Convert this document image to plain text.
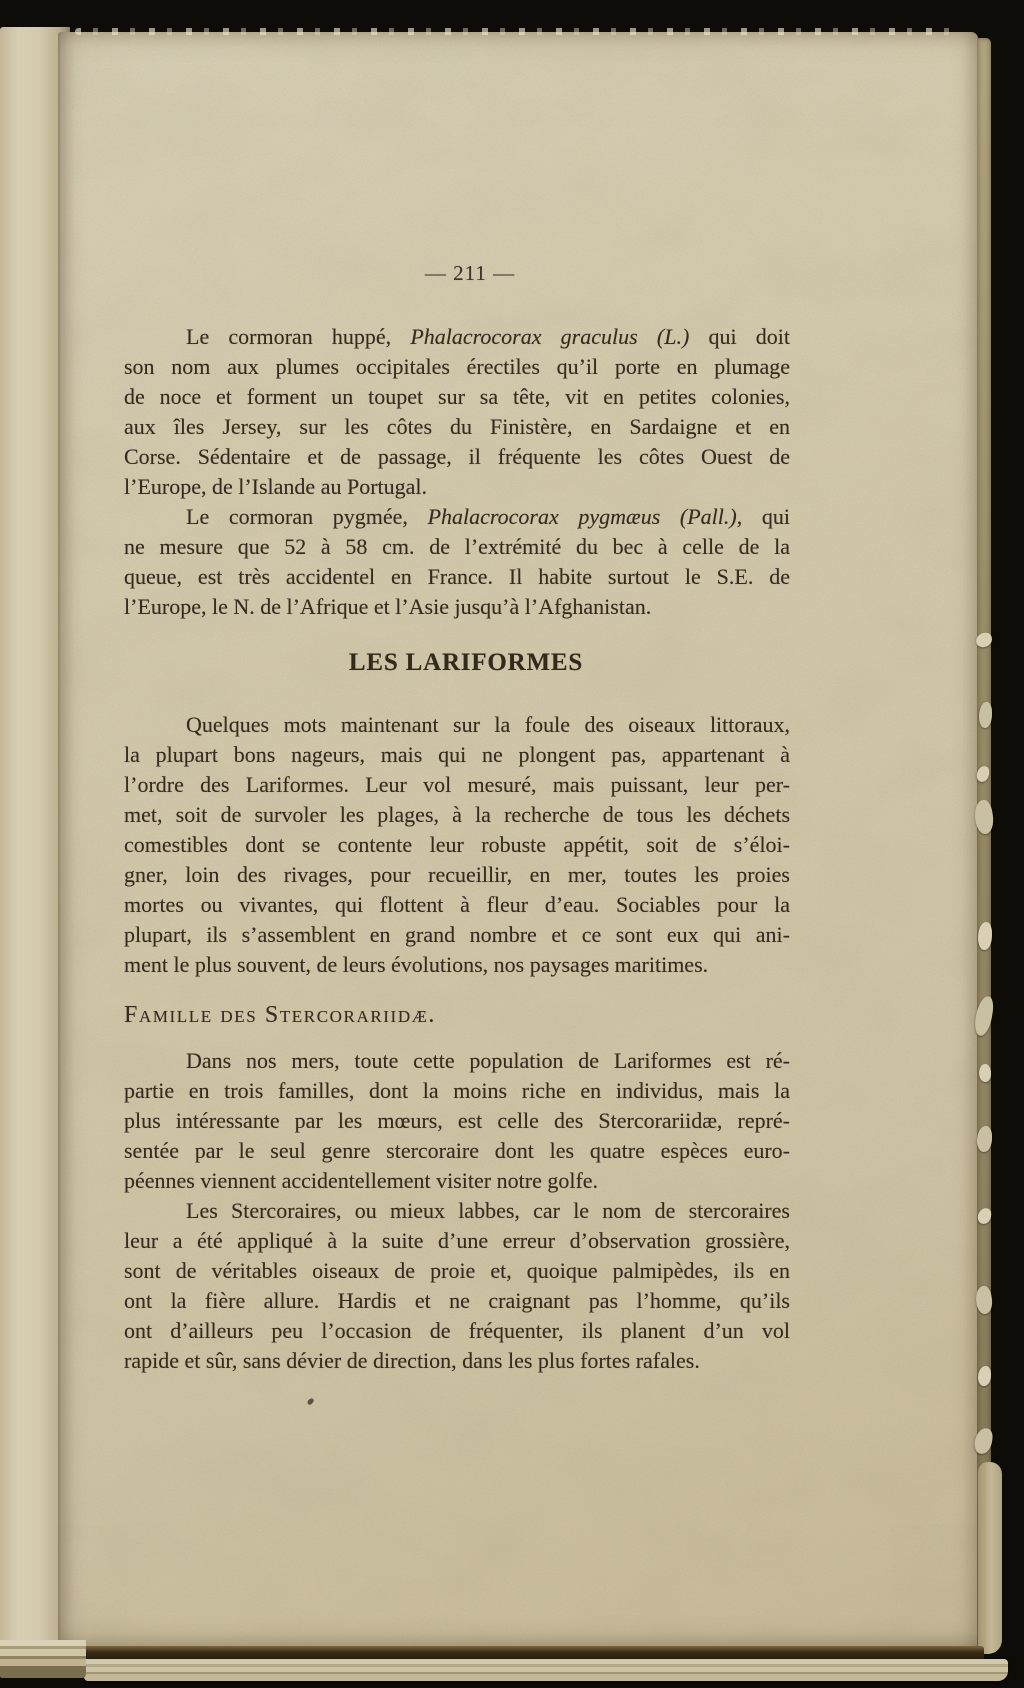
— 211 —
Le cormoran huppé, Phalacrocorax graculus (L.) qui doit
son nom aux plumes occipitales érectiles qu’il porte en plumage
de noce et forment un toupet sur sa tête, vit en petites colonies,
aux îles Jersey, sur les côtes du Finistère, en Sardaigne et en
Corse. Sédentaire et de passage, il fréquente les côtes Ouest de
l’Europe, de l’Islande au Portugal.
Le cormoran pygmée, Phalacrocorax pygmæus (Pall.), qui
ne mesure que 52 à 58 cm. de l’extrémité du bec à celle de la
queue, est très accidentel en France. Il habite surtout le S.E. de
l’Europe, le N. de l’Afrique et l’Asie jusqu’à l’Afghanistan.
LES LARIFORMES
Quelques mots maintenant sur la foule des oiseaux littoraux,
la plupart bons nageurs, mais qui ne plongent pas, appartenant à
l’ordre des Lariformes. Leur vol mesuré, mais puissant, leur per-
met, soit de survoler les plages, à la recherche de tous les déchets
comestibles dont se contente leur robuste appétit, soit de s’éloi-
gner, loin des rivages, pour recueillir, en mer, toutes les proies
mortes ou vivantes, qui flottent à fleur d’eau. Sociables pour la
plupart, ils s’assemblent en grand nombre et ce sont eux qui ani-
ment le plus souvent, de leurs évolutions, nos paysages maritimes.
Famille des Stercorariidæ.
Dans nos mers, toute cette population de Lariformes est ré-
partie en trois familles, dont la moins riche en individus, mais la
plus intéressante par les mœurs, est celle des Stercorariidæ, repré-
sentée par le seul genre stercoraire dont les quatre espèces euro-
péennes viennent accidentellement visiter notre golfe.
Les Stercoraires, ou mieux labbes, car le nom de stercoraires
leur a été appliqué à la suite d’une erreur d’observation grossière,
sont de véritables oiseaux de proie et, quoique palmipèdes, ils en
ont la fière allure. Hardis et ne craignant pas l’homme, qu’ils
ont d’ailleurs peu l’occasion de fréquenter, ils planent d’un vol
rapide et sûr, sans dévier de direction, dans les plus fortes rafales.
